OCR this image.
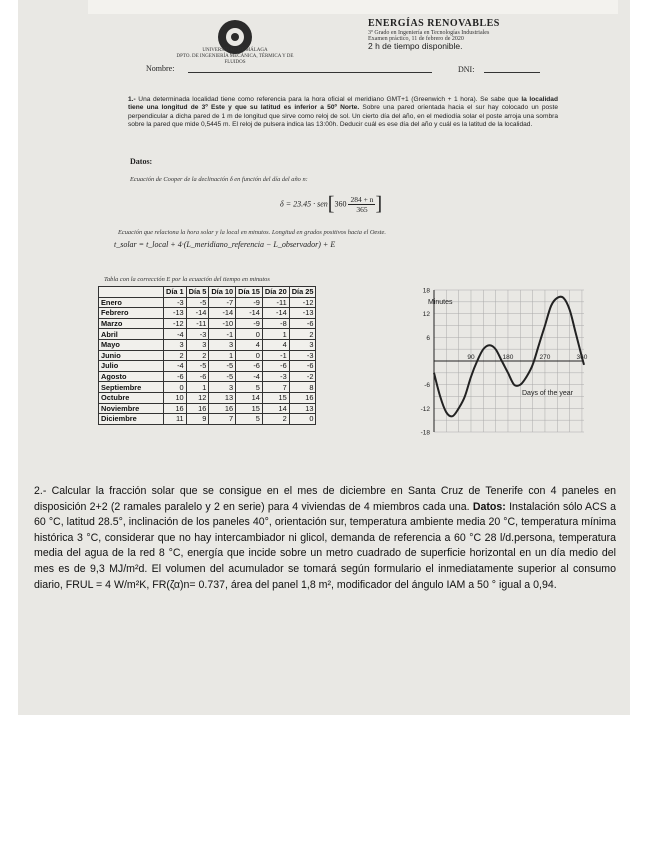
UNIVERSIDAD DE MÁLAGA
DPTO. DE INGENIERÍA MECÁNICA, TÉRMICA Y DE FLUIDOS
ENERGÍAS RENOVABLES
3º Grado en Ingeniería en Tecnologías Industriales
Examen práctico, 11 de febrero de 2020
2 h de tiempo disponible.
Nombre:	DNI:
1.- Una determinada localidad tiene como referencia para la hora oficial el meridiano GMT+1 (Greenwich + 1 hora). Se sabe que la localidad tiene una longitud de 3º Este y que su latitud es inferior a 50º Norte. Sobre una pared orientada hacia el sur hay colocado un poste perpendicular a dicha pared de 1 m de longitud que sirve como reloj de sol. Un cierto día del año, en el mediodía solar el poste arroja una sombra sobre la pared que mide 0,5445 m. El reloj de pulsera indica las 13:00h. Deducir cuál es ese día del año y cuál es la latitud de la localidad.
Datos:
Ecuación de Cooper de la declinación δ en función del día del año n:
$\delta = 23.45 \cdot sen[360 \frac{284 + n}{365}$ ]
Ecuación que relaciona la hora solar y la local en minutos. Longitud en grados positivos hacia el Oeste.
t_solar = t_local + 4·(L_meridiano_referencia − L_observador) + E
Tabla con la corrección E por la ecuación del tiempo en minutos
	Día 1	Día 5	Día 10	Día 15	Día 20	Día 25
Enero	-3	-5	-7	-9	-11	-12
Febrero	-13	-14	-14	-14	-14	-13
Marzo	-12	-11	-10	-9	-8	-6
Abril	-4	-3	-1	0	1	2
Mayo	3	3	3	4	4	3
Junio	2	2	1	0	-1	-3
Julio	-4	-5	-5	-6	-6	-6
Agosto	-6	-6	-5	-4	-3	-2
Septiembre	0	1	3	5	7	8
Octubre	10	12	13	14	15	16
Noviembre	16	16	16	15	14	13
Diciembre	11	9	7	5	2	0
18
12
6
-6
-12
-18
90	180	270	360
Minutes
Days of the year
2.- Calcular la fracción solar que se consigue en el mes de diciembre en Santa Cruz de Tenerife con 4 paneles en disposición 2+2 (2 ramales paralelo y 2 en serie) para 4 viviendas de 4 miembros cada una. Datos: Instalación sólo ACS a 60 °C, latitud 28.5°, inclinación de los paneles 40°, orientación sur, temperatura ambiente media 20 °C, temperatura mínima histórica 3 °C, considerar que no hay intercambiador ni glicol, demanda de referencia a 60 °C 28 l/d.persona, temperatura media del agua de la red 8 °C, energía que incide sobre un metro cuadrado de superficie horizontal en un día medio del mes es de 9,3 MJ/m²d. El volumen del acumulador se tomará según formulario el inmediatamente superior al consumo diario, FRUL = 4 W/m²K, FR(ζα)n= 0.737, área del panel 1,8 m², modificador del ángulo IAM a 50 ° igual a 0,94.
